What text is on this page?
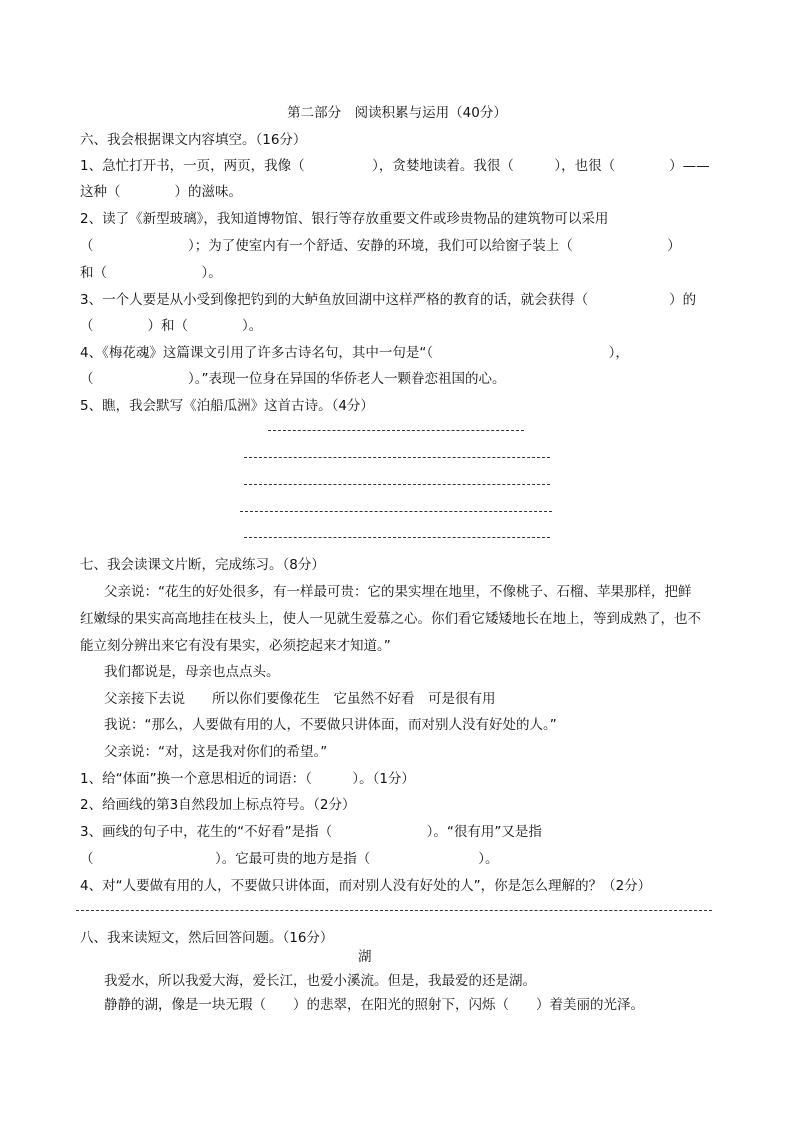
第二部分　阅读积累与运用（40分）
六、我会根据课文内容填空。（16分）
1、急忙打开书，一页，两页，我像（　　　　　），贪婪地读着。我很（　　　），也很（　　　　）——
这种（　　　　）的滋味。
2、读了《新型玻璃》，我知道博物馆、银行等存放重要文件或珍贵物品的建筑物可以采用
（　　　　　　　）；为了使室内有一个舒适、安静的环境，我们可以给窗子装上（　　　　　　　）
和（　　　　　　　）。
3、一个人要是从小受到像把钓到的大鲈鱼放回湖中这样严格的教育的话，就会获得（　　　　　　）的
（　　　　）和（　　　　）。
4、《梅花魂》这篇课文引用了许多古诗名句，其中一句是“（　　　　　　　　　　　　　），
（　　　　　　　）。”表现一位身在异国的华侨老人一颗眷恋祖国的心。
5、瞧，我会默写《泊船瓜洲》这首古诗。（4分）
七、我会读课文片断，完成练习。（8分）
父亲说：“花生的好处很多，有一样最可贵：它的果实埋在地里，不像桃子、石榴、苹果那样，把鲜
红嫩绿的果实高高地挂在枝头上，使人一见就生爱慕之心。你们看它矮矮地长在地上，等到成熟了，也不
能立刻分辨出来它有没有果实，必须挖起来才知道。”
我们都说是，母亲也点点头。
父亲接下去说　　所以你们要像花生　它虽然不好看　可是很有用
我说：“那么，人要做有用的人，不要做只讲体面，而对别人没有好处的人。”
父亲说：“对，这是我对你们的希望。”
1、给“体面”换一个意思相近的词语：（　　　）。（1分）
2、给画线的第3自然段加上标点符号。（2分）
3、画线的句子中，花生的“不好看”是指（　　　　　　　）。“很有用”又是指
（　　　　　　　　　）。它最可贵的地方是指（　　　　　　　　）。
4、对“人要做有用的人，不要做只讲体面，而对别人没有好处的人”，你是怎么理解的？（2分）
八、我来读短文，然后回答问题。（16分）
湖
我爱水，所以我爱大海，爱长江，也爱小溪流。但是，我最爱的还是湖。
静静的湖，像是一块无瑕（　　）的悲翠，在阳光的照射下，闪烁（　　）着美丽的光泽。
